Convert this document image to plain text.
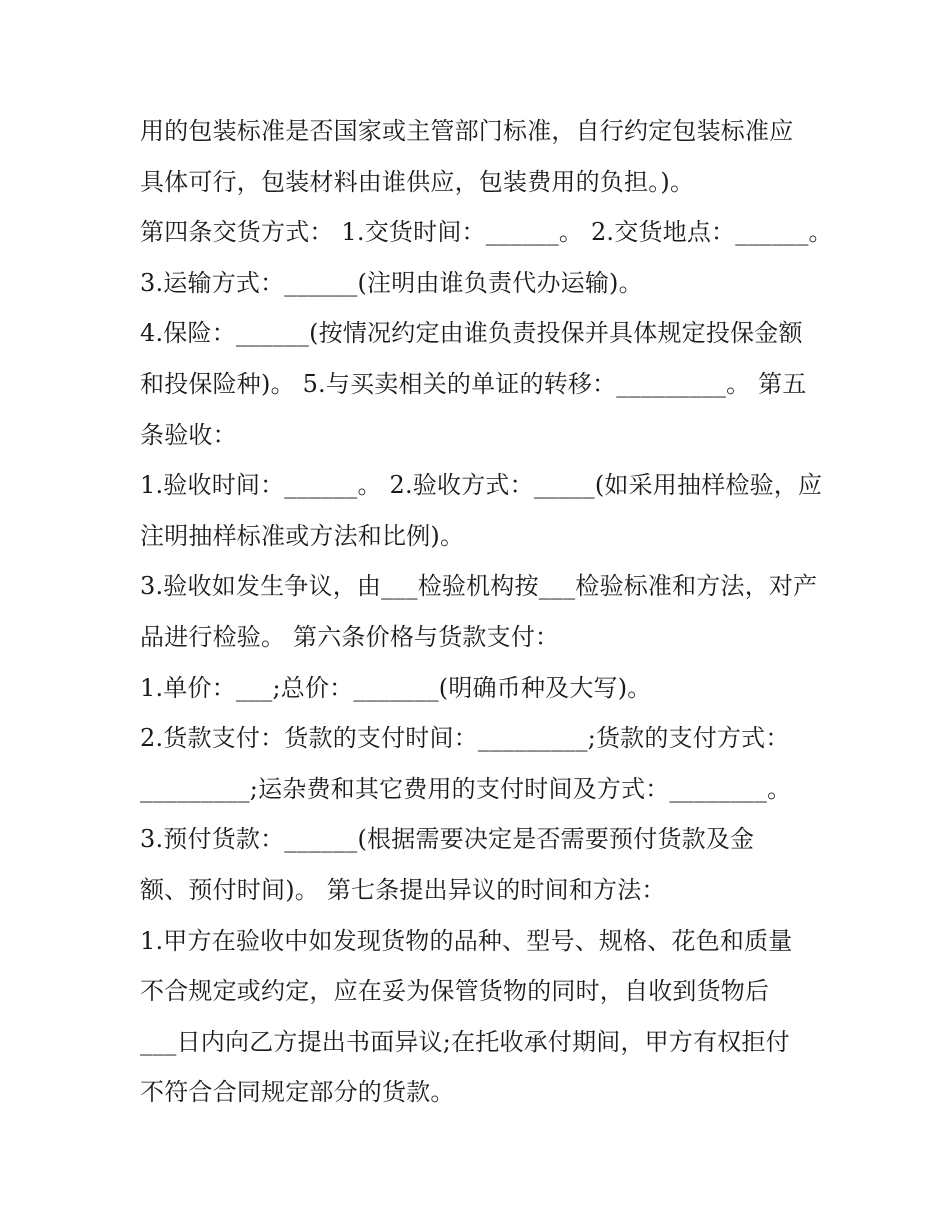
用的包装标准是否国家或主管部门标准，自行约定包装标准应

具体可行，包装材料由谁供应，包装费用的负担。)。

第四条交货方式： 1.交货时间：______。 2.交货地点：______。

3.运输方式：______(注明由谁负责代办运输)。

4.保险：______(按情况约定由谁负责投保并具体规定投保金额

和投保险种)。 5.与买卖相关的单证的转移：_________。 第五

条验收：

1.验收时间：______。 2.验收方式：_____(如采用抽样检验，应

注明抽样标准或方法和比例)。

3.验收如发生争议，由___检验机构按___检验标准和方法，对产

品进行检验。 第六条价格与货款支付：

1.单价：___;总价：_______(明确币种及大写)。

2.货款支付：货款的支付时间：_________;货款的支付方式：

_________;运杂费和其它费用的支付时间及方式：________。

3.预付货款：______(根据需要决定是否需要预付货款及金

额、预付时间)。 第七条提出异议的时间和方法：

1.甲方在验收中如发现货物的品种、型号、规格、花色和质量

不合规定或约定，应在妥为保管货物的同时，自收到货物后

___日内向乙方提出书面异议;在托收承付期间，甲方有权拒付

不符合合同规定部分的货款。
